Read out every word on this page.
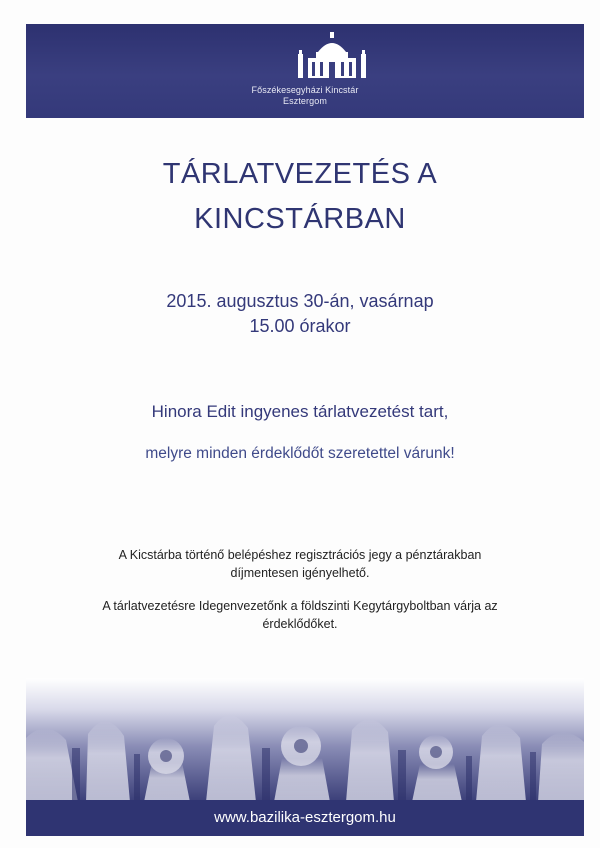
Főszékesegyházi Kincstár
Esztergom
TÁRLATVEZETÉS A
KINCSTÁRBAN
2015. augusztus 30-án, vasárnap
15.00 órakor
Hinora Edit ingyenes tárlatvezetést tart,
melyre minden érdeklődőt szeretettel várunk!
A Kicstárba történő belépéshez regisztrációs jegy a pénztárakban
díjmentesen igényelhető.
A tárlatvezetésre Idegenvezetőnk a földszinti Kegytárgyboltban várja az
érdeklődőket.
www.bazilika-esztergom.hu
